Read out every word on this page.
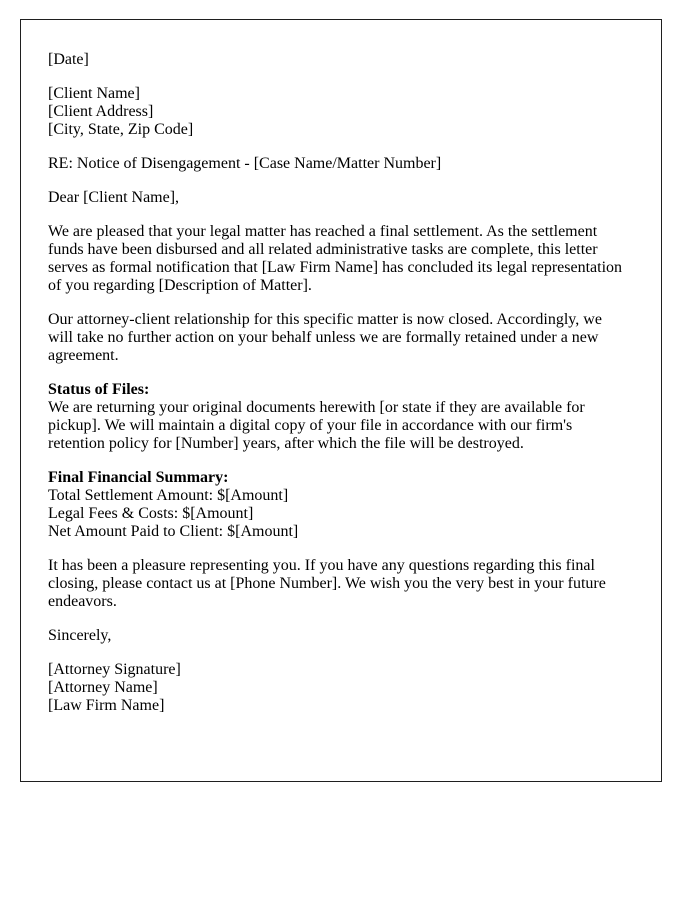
[Date]

[Client Name]
[Client Address]
[City, State, Zip Code]

RE: Notice of Disengagement - [Case Name/Matter Number]

Dear [Client Name],

We are pleased that your legal matter has reached a final settlement. As the settlement funds have been disbursed and all related administrative tasks are complete, this letter serves as formal notification that [Law Firm Name] has concluded its legal representation of you regarding [Description of Matter].

Our attorney-client relationship for this specific matter is now closed. Accordingly, we will take no further action on your behalf unless we are formally retained under a new agreement.

Status of Files:
We are returning your original documents herewith [or state if they are available for pickup]. We will maintain a digital copy of your file in accordance with our firm's retention policy for [Number] years, after which the file will be destroyed.

Final Financial Summary:
Total Settlement Amount: $[Amount]
Legal Fees & Costs: $[Amount]
Net Amount Paid to Client: $[Amount]

It has been a pleasure representing you. If you have any questions regarding this final closing, please contact us at [Phone Number]. We wish you the very best in your future endeavors.

Sincerely,

[Attorney Signature]
[Attorney Name]
[Law Firm Name]
